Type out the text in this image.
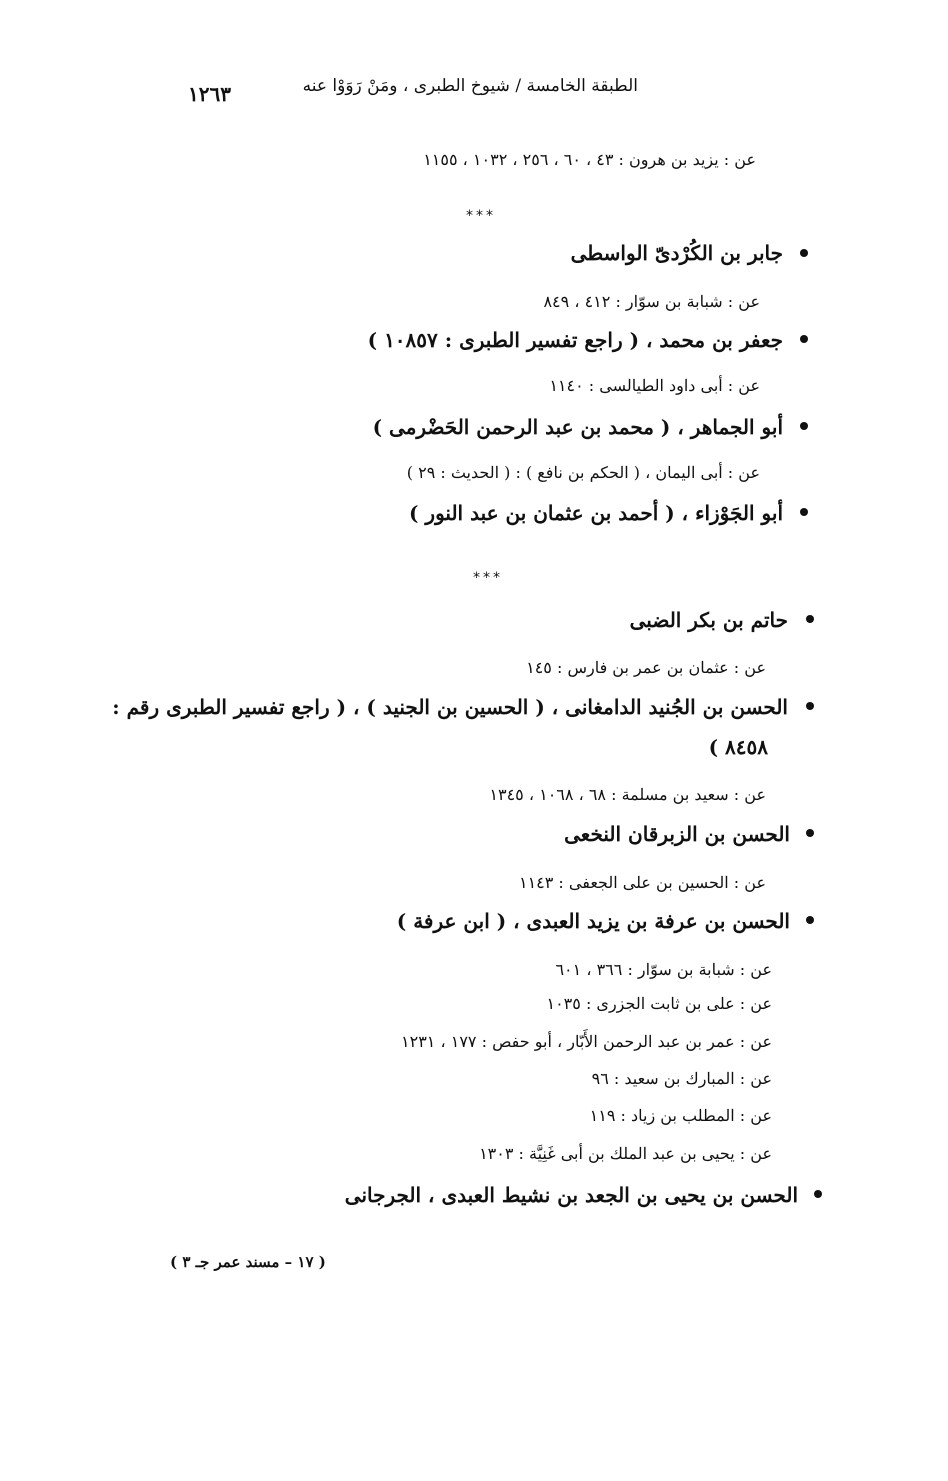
الطبقة الخامسة / شيوخ الطبرى ، ومَنْ رَوَوْا عنه
١٢٦٣
عن : يزيد بن هرون : ٤٣ ، ٦٠ ، ٢٥٦ ، ١٠٣٢ ، ١١٥٥
***
جابر بن الكُرْدىّ الواسطى
عن : شبابة بن سوّار : ٤١٢ ، ٨٤٩
جعفر بن محمد ، ( راجع تفسير الطبرى : ١٠٨٥٧ )
عن : أبى داود الطيالسى : ١١٤٠
أبو الجماهر ، ( محمد بن عبد الرحمن الحَضْرمى )
عن : أبى اليمان ، ( الحكم بن نافع ) : ( الحديث : ٢٩ )
أبو الجَوْزاء ، ( أحمد بن عثمان بن عبد النور )
***
حاتم بن بكر الضبى
عن : عثمان بن عمر بن فارس : ١٤٥
الحسن بن الجُنيد الدامغانى ، ( الحسين بن الجنيد ) ، ( راجع تفسير الطبرى رقم :
٨٤٥٨ )
عن : سعيد بن مسلمة : ٦٨ ، ١٠٦٨ ، ١٣٤٥
الحسن بن الزبرقان النخعى
عن : الحسين بن على الجعفى : ١١٤٣
الحسن بن عرفة بن يزيد العبدى ، ( ابن عرفة )
عن : شبابة بن سوّار : ٣٦٦ ، ٦٠١
عن : على بن ثابت الجزرى : ١٠٣٥
عن : عمر بن عبد الرحمن الأَبّار ، أبو حفص : ١٧٧ ، ١٢٣١
عن : المبارك بن سعيد : ٩٦
عن : المطلب بن زياد : ١١٩
عن : يحيى بن عبد الملك بن أبى غَنِيَّة : ١٣٠٣
الحسن بن يحيى بن الجعد بن نشيط العبدى ، الجرجانى
( ١٧ – مسند عمر جـ ٣ )
